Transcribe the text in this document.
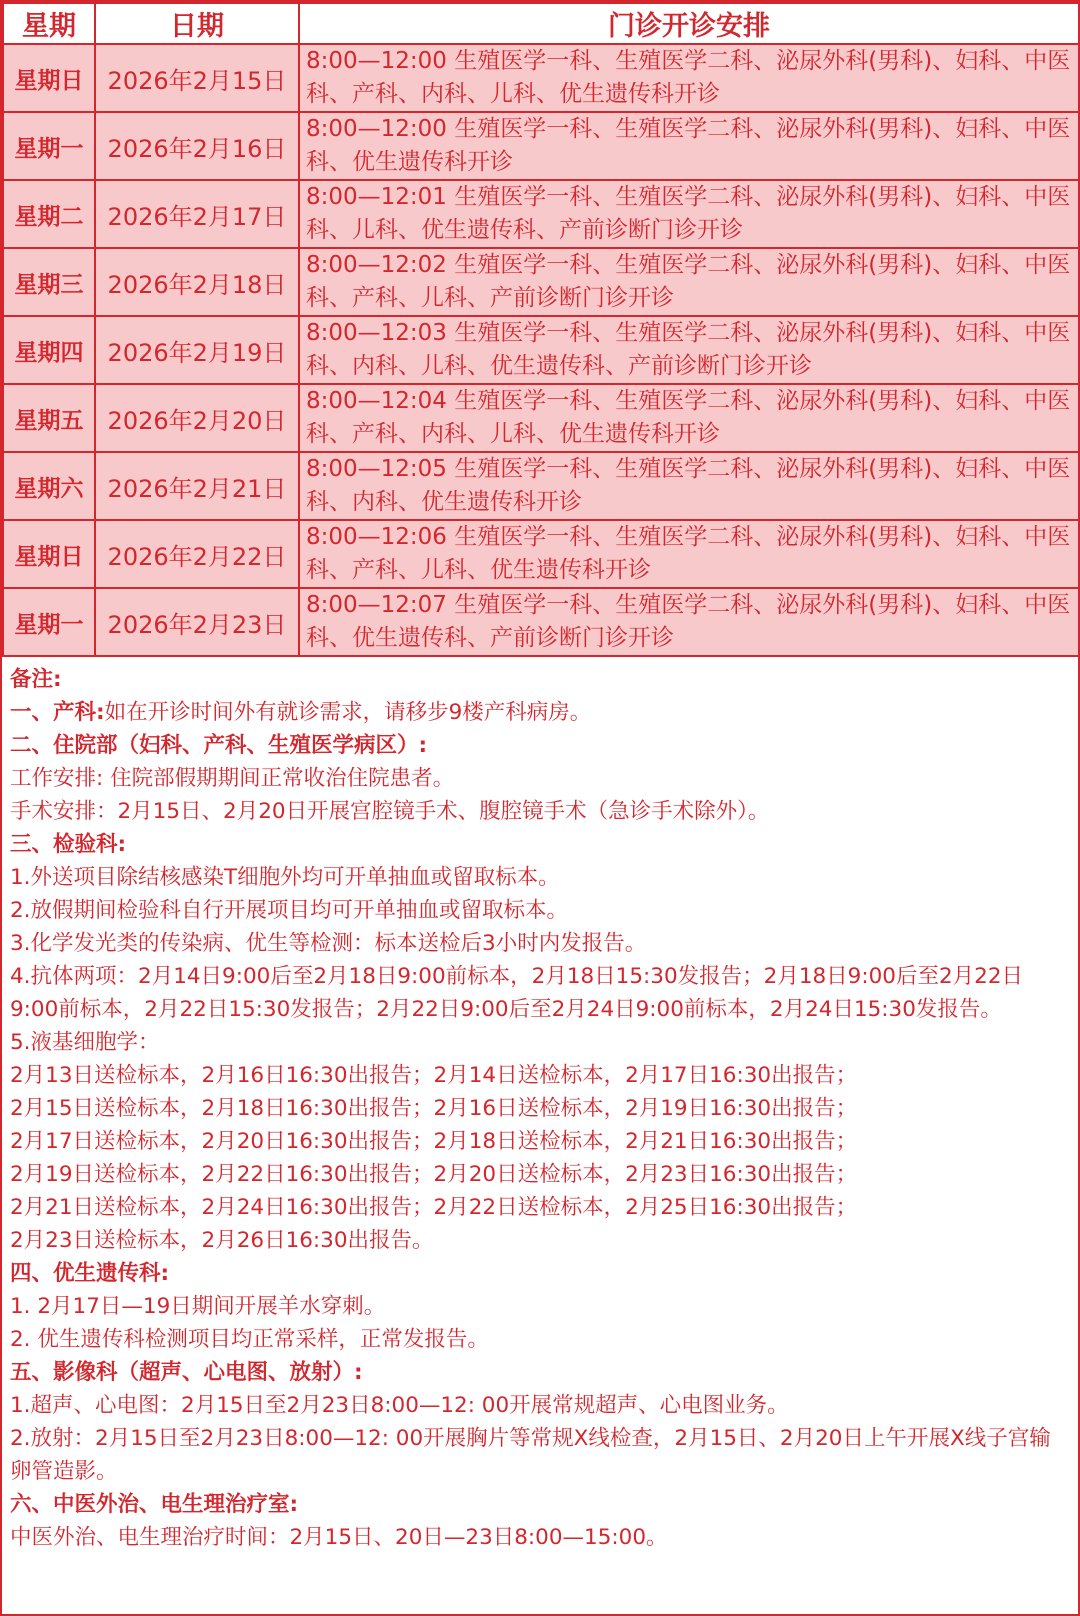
星期	日期	门诊开诊安排
星期日	2026年2月15日	8:00—12:00 生殖医学一科、生殖医学二科、泌尿外科(男科)、妇科、中医科、产科、内科、儿科、优生遗传科开诊
星期一	2026年2月16日	8:00—12:00 生殖医学一科、生殖医学二科、泌尿外科(男科)、妇科、中医科、优生遗传科开诊
星期二	2026年2月17日	8:00—12:01 生殖医学一科、生殖医学二科、泌尿外科(男科)、妇科、中医科、儿科、优生遗传科、产前诊断门诊开诊
星期三	2026年2月18日	8:00—12:02 生殖医学一科、生殖医学二科、泌尿外科(男科)、妇科、中医科、产科、儿科、产前诊断门诊开诊
星期四	2026年2月19日	8:00—12:03 生殖医学一科、生殖医学二科、泌尿外科(男科)、妇科、中医科、内科、儿科、优生遗传科、产前诊断门诊开诊
星期五	2026年2月20日	8:00—12:04 生殖医学一科、生殖医学二科、泌尿外科(男科)、妇科、中医科、产科、内科、儿科、优生遗传科开诊
星期六	2026年2月21日	8:00—12:05 生殖医学一科、生殖医学二科、泌尿外科(男科)、妇科、中医科、内科、优生遗传科开诊
星期日	2026年2月22日	8:00—12:06 生殖医学一科、生殖医学二科、泌尿外科(男科)、妇科、中医科、产科、儿科、优生遗传科开诊
星期一	2026年2月23日	8:00—12:07 生殖医学一科、生殖医学二科、泌尿外科(男科)、妇科、中医科、优生遗传科、产前诊断门诊开诊
备注:
一、产科:如在开诊时间外有就诊需求，请移步9楼产科病房。
二、住院部（妇科、产科、生殖医学病区）:
工作安排: 住院部假期期间正常收治住院患者。
手术安排：2月15日、2月20日开展宫腔镜手术、腹腔镜手术（急诊手术除外）。
三、检验科:
1.外送项目除结核感染T细胞外均可开单抽血或留取标本。
2.放假期间检验科自行开展项目均可开单抽血或留取标本。
3.化学发光类的传染病、优生等检测：标本送检后3小时内发报告。
4.抗体两项：2月14日9:00后至2月18日9:00前标本，2月18日15:30发报告；2月18日9:00后至2月22日9:00前标本，2月22日15:30发报告；2月22日9:00后至2月24日9:00前标本，2月24日15:30发报告。
5.液基细胞学：
2月13日送检标本，2月16日16:30出报告；2月14日送检标本，2月17日16:30出报告；
2月15日送检标本，2月18日16:30出报告；2月16日送检标本，2月19日16:30出报告；
2月17日送检标本，2月20日16:30出报告；2月18日送检标本，2月21日16:30出报告；
2月19日送检标本，2月22日16:30出报告；2月20日送检标本，2月23日16:30出报告；
2月21日送检标本，2月24日16:30出报告；2月22日送检标本，2月25日16:30出报告；
2月23日送检标本，2月26日16:30出报告。
四、优生遗传科:
1. 2月17日—19日期间开展羊水穿刺。
2. 优生遗传科检测项目均正常采样，正常发报告。
五、影像科（超声、心电图、放射）:
1.超声、心电图：2月15日至2月23日8:00—12: 00开展常规超声、心电图业务。
2.放射：2月15日至2月23日8:00—12: 00开展胸片等常规X线检查，2月15日、2月20日上午开展X线子宫输卵管造影。
六、中医外治、电生理治疗室:
中医外治、电生理治疗时间：2月15日、20日—23日8:00—15:00。
